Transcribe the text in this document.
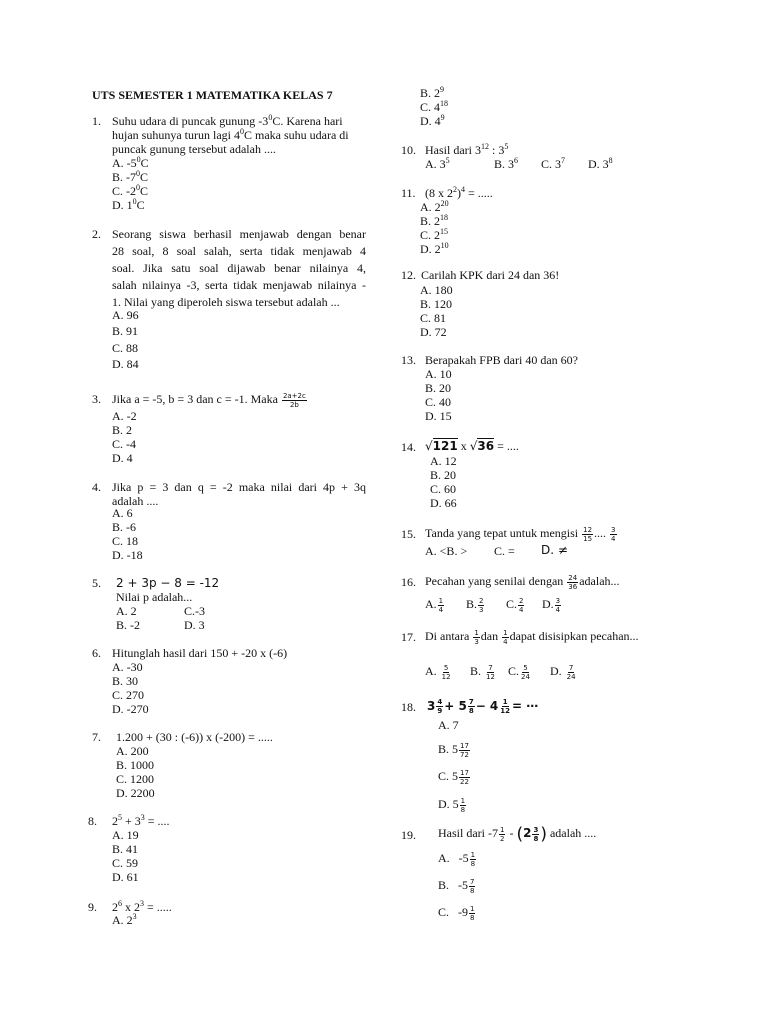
UTS SEMESTER 1 MATEMATIKA KELAS 7
1. Suhu udara di puncak gunung $-3^0C$. Karena hari
hujan suhunya turun lagi $4^0C$ maka suhu udara di
puncak gunung tersebut adalah ....
A. $-5^0C$
B. $-7^0C$
C. $-2^0C$
D. $1^0C$
2. Seorang siswa berhasil menjawab dengan benar
28 soal, 8 soal salah, serta tidak menjawab 4
soal. Jika satu soal dijawab benar nilainya 4,
salah nilainya -3, serta tidak menjawab nilainya -
1. Nilai yang diperoleh siswa tersebut adalah ...
A. 96
B. 91
C. 88
D. 84
3. Jika a = -5, b = 3 dan c = -1. Maka $\frac{2a+2c}{2b}$
A. -2
B. 2
C. -4
D. 4
4. Jika p = 3 dan q = -2 maka nilai dari 4p + 3q
adalah ....
A. 6
B. -6
C. 18
D. -18
5. 2 + 3p − 8 = -12
Nilai p adalah...
A. 2	C.-3
B. -2	D. 3
6. Hitunglah hasil dari 150 + -20 x (-6)
A. -30
B. 30
C. 270
D. -270
7. 1.200 + (30 : (-6)) x (-200) = .....
A. 200
B. 1000
C. 1200
D. 2200
8. $2^5 + 3^3$ = ....
A. 19
B. 41
C. 59
D. 61
9. $2^6$ x $2^3$ = .....
A. $2^3$
B. $2^9$
C. $4^{18}$
D. $4^9$
10. Hasil dari $3^{12}$ : $3^5$
A. $3^5$	B. $3^6$ C. $3^7$ D. $3^8$
11. (8 x $2^2)^4$ = .....
A. $2^{20}$
B. $2^{18}$
C. $2^{15}$
D. $2^{10}$
12. Carilah KPK dari 24 dan 36!
A. 180
B. 120
C. 81
D. 72
13. Berapakah FPB dari 40 dan 60?
A. 10
B. 20
C. 40
D. 15
14. √121 x √36 = ....
A. 12
B. 20
C. 60
D. 66
15. Tanda yang tepat untuk mengisi $\frac{12}{15}$ .... $\frac{3}{4}$
A. <B. > C. = D. ≠
16. Pecahan yang senilai dengan $\frac{24}{36}$ adalah...
A. $\frac{1}{4} B$. $\frac{2}{3} C$. $\frac{2}{4} D$. $\frac{3}{4}$
17. Di antara $\frac{1}{3}$ dan $\frac{1}{4}$ dapat disisipkan pecahan...
A. $\frac{5}{12} B$. $\frac{7}{12} C$. $\frac{5}{24} D$. $\frac{7}{24}$
18. $3 \frac{4}{9} + 5 \frac{7}{8} - 4 \frac{1}{12}$ = ⋯
A. 7
B. $5 \frac{17}{72}$
C. $5 \frac{17}{22}$
D. $5 \frac{1}{8}$
19. Hasil dari $-7 \frac{1}{2} - (2 \frac{3}{8}$ ) adalah ....
A. $-5 \frac{1}{8}$
B. $-5 \frac{7}{8}$
C. $-9 \frac{1}{8}$
